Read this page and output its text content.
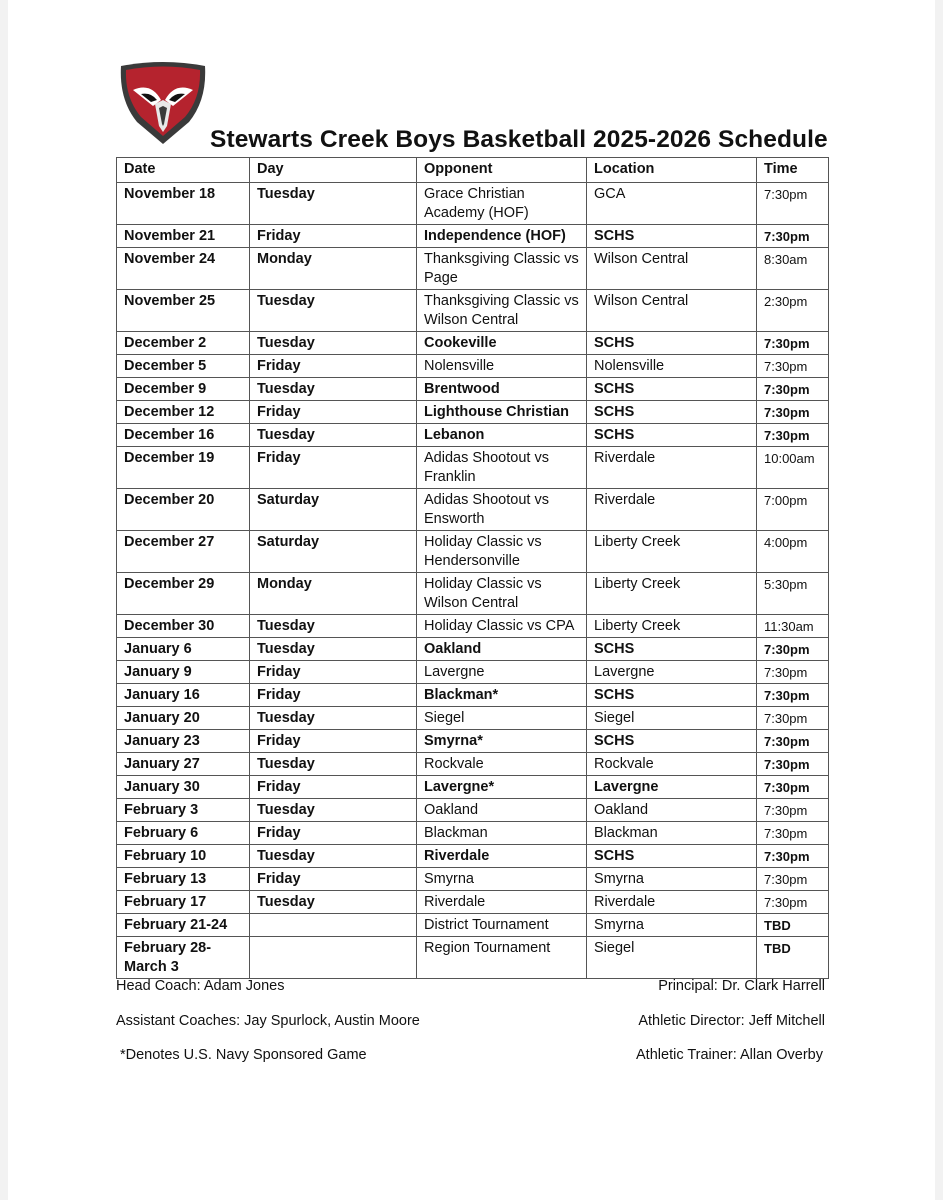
Stewarts Creek Boys Basketball 2025-2026 Schedule
Date	Day	Opponent	Location	Time
November 18	Tuesday	Grace Christian Academy (HOF)	GCA	7:30pm
November 21	Friday	Independence (HOF)	SCHS	7:30pm
November 24	Monday	Thanksgiving Classic vs Page	Wilson Central	8:30am
November 25	Tuesday	Thanksgiving Classic vs Wilson Central	Wilson Central	2:30pm
December 2	Tuesday	Cookeville	SCHS	7:30pm
December 5	Friday	Nolensville	Nolensville	7:30pm
December 9	Tuesday	Brentwood	SCHS	7:30pm
December 12	Friday	Lighthouse Christian	SCHS	7:30pm
December 16	Tuesday	Lebanon	SCHS	7:30pm
December 19	Friday	Adidas Shootout vs Franklin	Riverdale	10:00am
December 20	Saturday	Adidas Shootout vs Ensworth	Riverdale	7:00pm
December 27	Saturday	Holiday Classic vs Hendersonville	Liberty Creek	4:00pm
December 29	Monday	Holiday Classic vs Wilson Central	Liberty Creek	5:30pm
December 30	Tuesday	Holiday Classic vs CPA	Liberty Creek	11:30am
January 6	Tuesday	Oakland	SCHS	7:30pm
January 9	Friday	Lavergne	Lavergne	7:30pm
January 16	Friday	Blackman*	SCHS	7:30pm
January 20	Tuesday	Siegel	Siegel	7:30pm
January 23	Friday	Smyrna*	SCHS	7:30pm
January 27	Tuesday	Rockvale	Rockvale	7:30pm
January 30	Friday	Lavergne*	Lavergne	7:30pm
February 3	Tuesday	Oakland	Oakland	7:30pm
February 6	Friday	Blackman	Blackman	7:30pm
February 10	Tuesday	Riverdale	SCHS	7:30pm
February 13	Friday	Smyrna	Smyrna	7:30pm
February 17	Tuesday	Riverdale	Riverdale	7:30pm
February 21-24		District Tournament	Smyrna	TBD
February 28-March 3		Region Tournament	Siegel	TBD
Head Coach: Adam Jones
Assistant Coaches: Jay Spurlock, Austin Moore
*Denotes U.S. Navy Sponsored Game
Principal: Dr. Clark Harrell
Athletic Director: Jeff Mitchell
Athletic Trainer: Allan Overby
